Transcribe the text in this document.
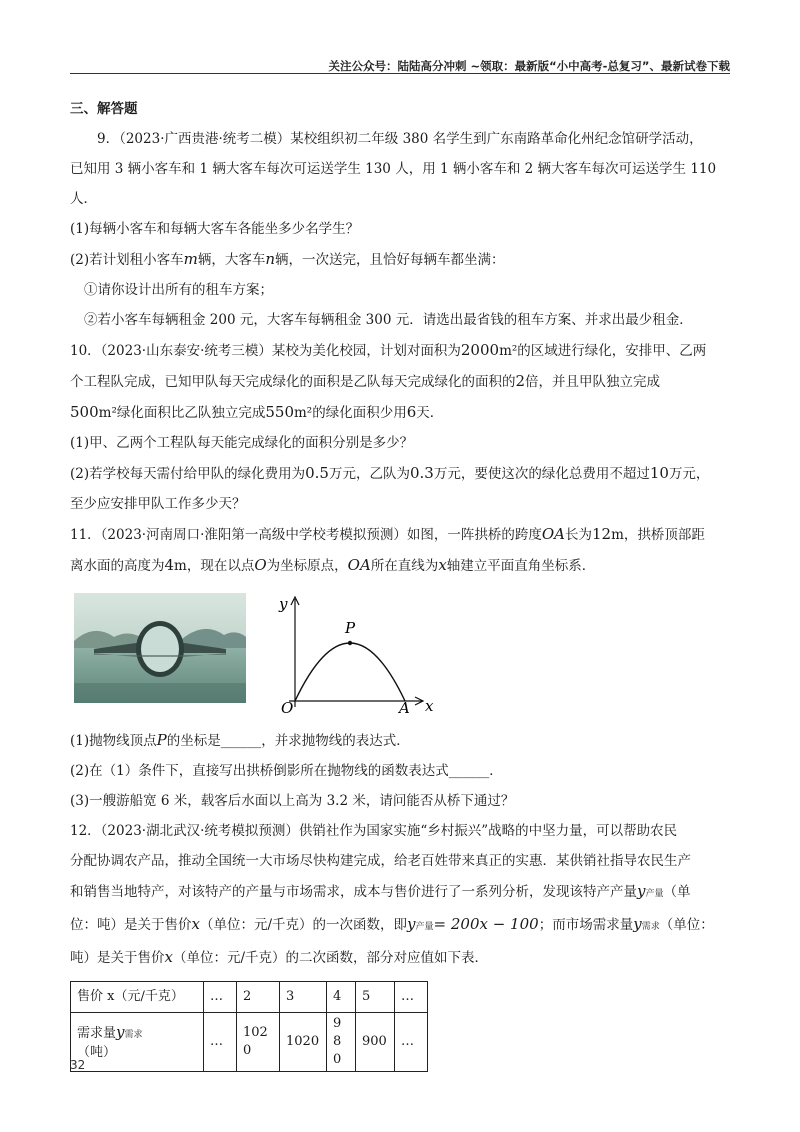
关注公众号：陆陆高分冲刺 ~领取：最新版“小中高考-总复习”、最新试卷下载

三、解答题

9．（2023·广西贵港·统考二模）某校组织初二年级 380 名学生到广东南路革命化州纪念馆研学活动，

已知用 3 辆小客车和 1 辆大客车每次可运送学生 130 人，用 1 辆小客车和 2 辆大客车每次可运送学生 110 人．

(1)每辆小客车和每辆大客车各能坐多少名学生？

(2)若计划租小客车m辆，大客车n辆，一次送完，且恰好每辆车都坐满：

①请你设计出所有的租车方案；

②若小客车每辆租金 200 元，大客车每辆租金 300 元．请选出最省钱的租车方案、并求出最少租金．

10．（2023·山东泰安·统考三模）某校为美化校园，计划对面积为2000m²的区域进行绿化，安排甲、乙两

个工程队完成，已知甲队每天完成绿化的面积是乙队每天完成绿化的面积的2倍，并且甲队独立完成

500m²绿化面积比乙队独立完成550m²的绿化面积少用6天．

(1)甲、乙两个工程队每天能完成绿化的面积分别是多少？

(2)若学校每天需付给甲队的绿化费用为0.5万元，乙队为0.3万元，要使这次的绿化总费用不超过10万元，

至少应安排甲队工作多少天？

11．（2023·河南周口·淮阳第一高级中学校考模拟预测）如图，一阵拱桥的跨度OA长为12m，拱桥顶部距

离水面的高度为4m，现在以点O为坐标原点，OA所在直线为x轴建立平面直角坐标系．

y
x
P
O	A

(1)抛物线顶点P的坐标是______，并求抛物线的表达式．

(2)在（1）条件下，直接写出拱桥倒影所在抛物线的函数表达式______．

(3)一艘游船宽 6 米，载客后水面以上高为 3.2 米，请问能否从桥下通过？

12．（2023·湖北武汉·统考模拟预测）供销社作为国家实施“乡村振兴”战略的中坚力量，可以帮助农民

分配协调农产品，推动全国统一大市场尽快构建完成，给老百姓带来真正的实惠．某供销社指导农民生产

和销售当地特产，对该特产的产量与市场需求，成本与售价进行了一系列分析，发现该特产产量y产量（单

位：吨）是关于售价x（单位：元/千克）的一次函数，即y产量= 200x − 100；而市场需求量y需求（单位：

吨）是关于售价x（单位：元/千克）的二次函数，部分对应值如下表．

售价 x（元/千克）	…	2	3	4	5	…
需求量y需求
（吨）	…	1020	1020	980	900	…
32
